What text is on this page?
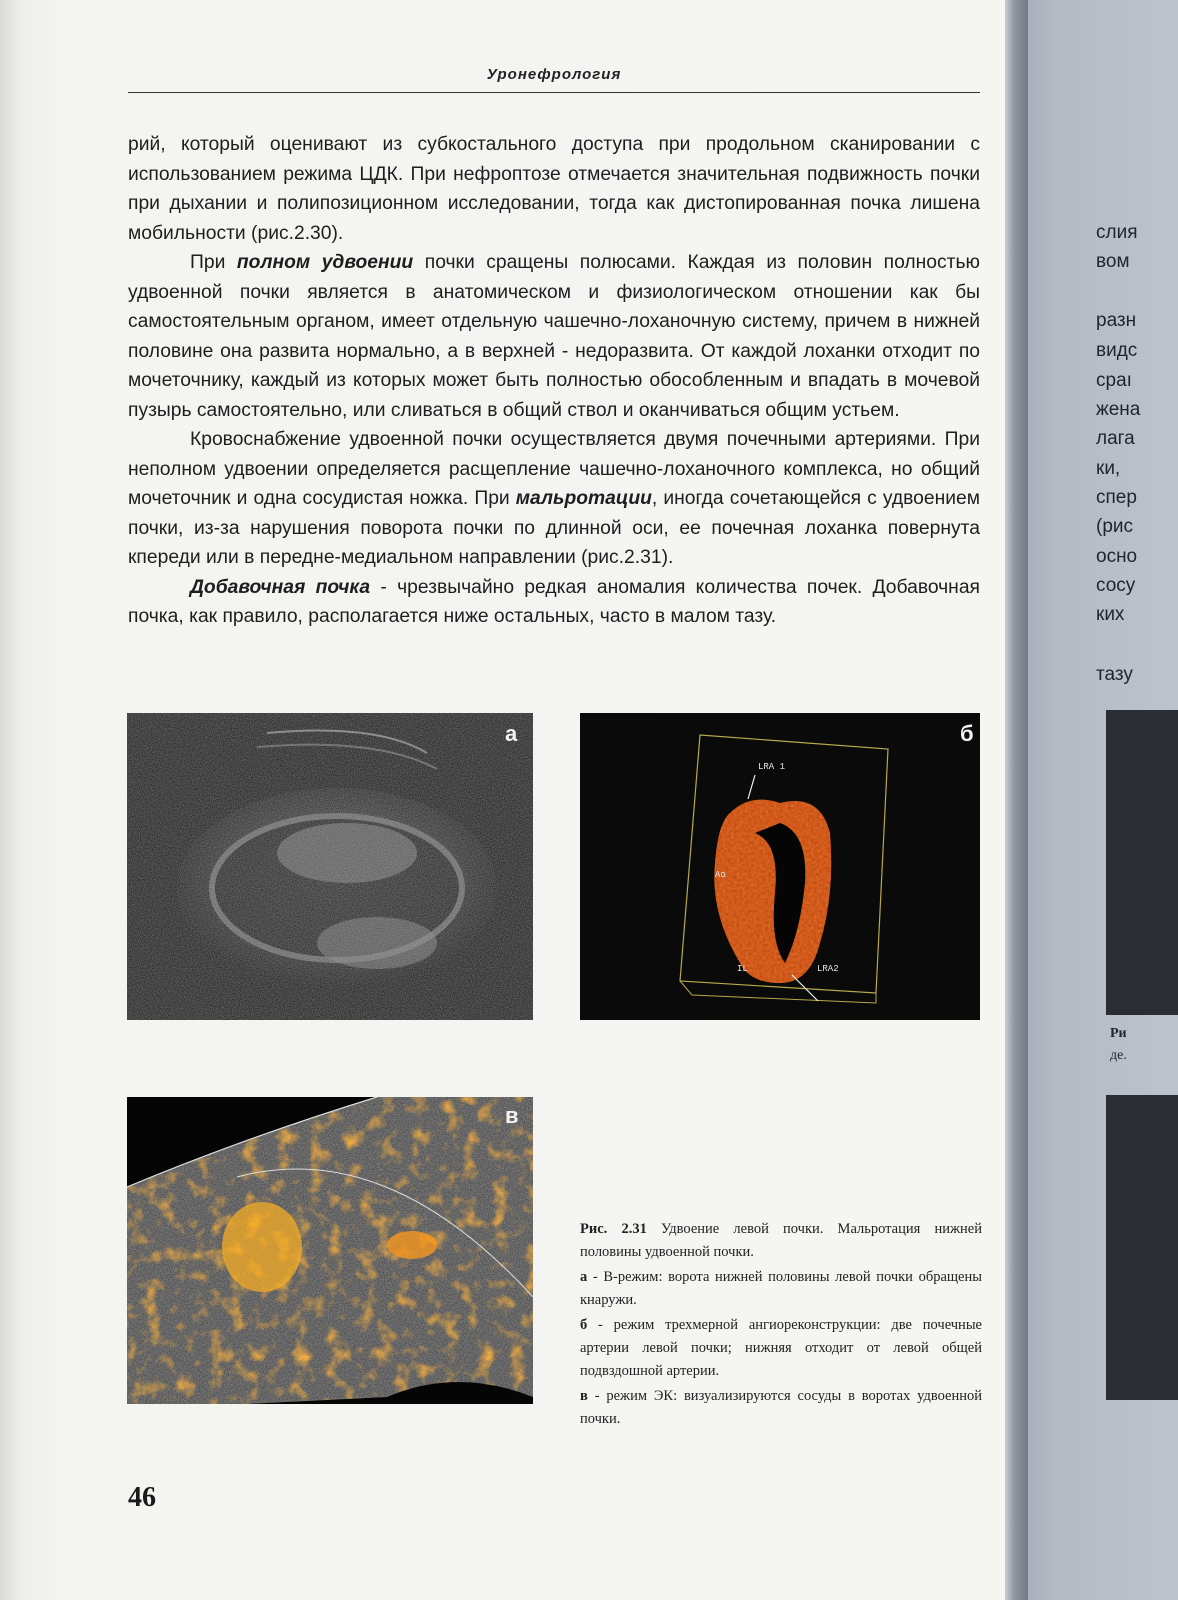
Уронефрология

рий, который оценивают из субкостального доступа при продольном сканировании с использованием режима ЦДК. При нефроптозе отмечается значительная подвижность почки при дыхании и полипозиционном исследовании, тогда как дистопированная почка лишена мобильности (рис.2.30).

При полном удвоении почки сращены полюсами. Каждая из половин полностью удвоенной почки является в анатомическом и физиологическом отношении как бы самостоятельным органом, имеет отдельную чашечно-лоханочную систему, причем в нижней половине она развита нормально, а в верхней - недоразвита. От каждой лоханки отходит по мочеточнику, каждый из которых может быть полностью обособленным и впадать в мочевой пузырь самостоятельно, или сливаться в общий ствол и оканчиваться общим устьем.

Кровоснабжение удвоенной почки осуществляется двумя почечными артериями. При неполном удвоении определяется расщепление чашечно-лоханочного комплекса, но общий мочеточник и одна сосудистая ножка. При мальротации, иногда сочетающейся с удвоением почки, из-за нарушения поворота почки по длинной оси, ее почечная лоханка повернута кпереди или в передне-медиальном направлении (рис.2.31).

Добавочная почка - чрезвычайно редкая аномалия количества почек. Добавочная почка, как правило, располагается ниже остальных, часто в малом тазу.

а
LRA 1
Ao
IL	LRA2
б
в

Рис. 2.31 Удвоение левой почки. Мальротация нижней половины удвоенной почки.

а - В-режим: ворота нижней половины левой почки обращены кнаружи.

б - режим трехмерной ангиореконструкции: две почечные артерии левой почки; нижняя отходит от левой общей подвздошной артерии.

в - режим ЭК: визуализируются сосуды в воротах удвоенной почки.

46
слия
вом
разн
видс
сраı
жена
лага
ки,
спер
(рис
осно
сосу
ких
тазу
Ри
де.
